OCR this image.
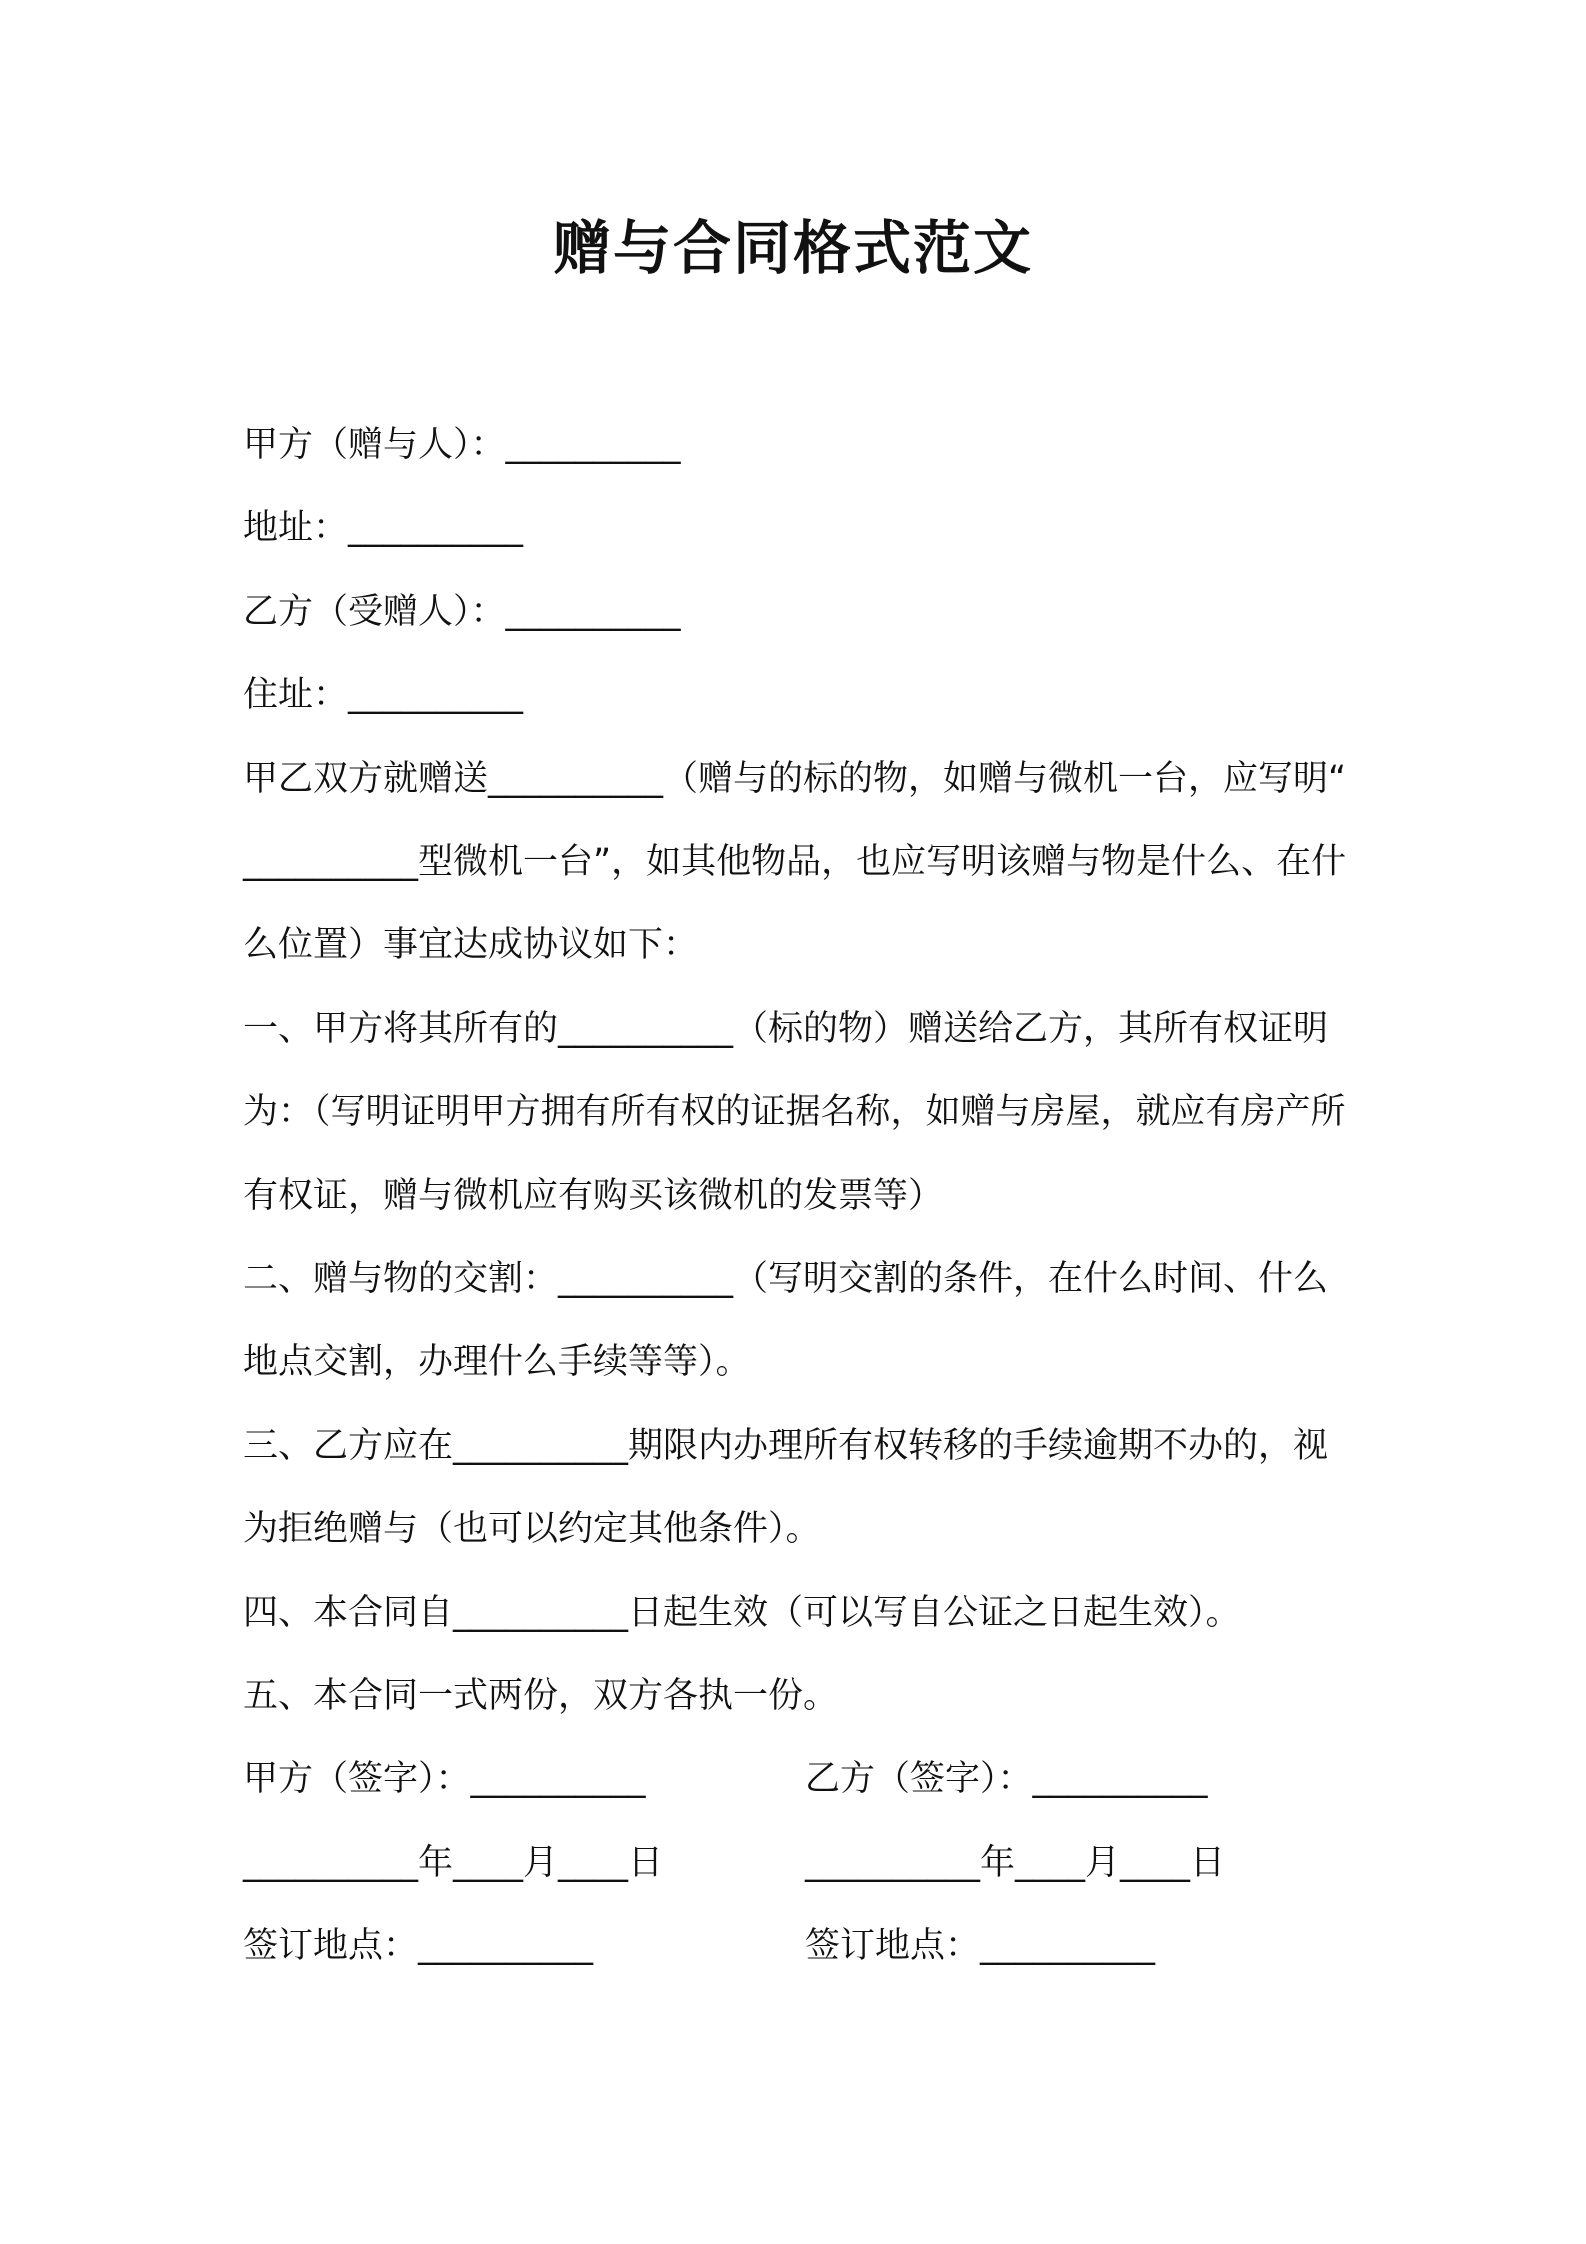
赠与合同格式范文
甲方（赠与人）：__________
地址：__________
乙方（受赠人）：__________
住址：__________
甲乙双方就赠送__________（赠与的标的物，如赠与微机一台，应写明“__________型微机一台”，如其他物品，也应写明该赠与物是什么、在什么位置）事宜达成协议如下：
一、甲方将其所有的__________（标的物）赠送给乙方，其所有权证明为：（写明证明甲方拥有所有权的证据名称，如赠与房屋，就应有房产所有权证，赠与微机应有购买该微机的发票等）
二、赠与物的交割：__________（写明交割的条件，在什么时间、什么地点交割，办理什么手续等等）。
三、乙方应在__________期限内办理所有权转移的手续逾期不办的，视为拒绝赠与（也可以约定其他条件）。
四、本合同自__________日起生效（可以写自公证之日起生效）。
五、本合同一式两份，双方各执一份。
甲方（签字）：__________	乙方（签字）：__________
__________年____月____日	__________年____月____日
签订地点：__________	签订地点：__________
